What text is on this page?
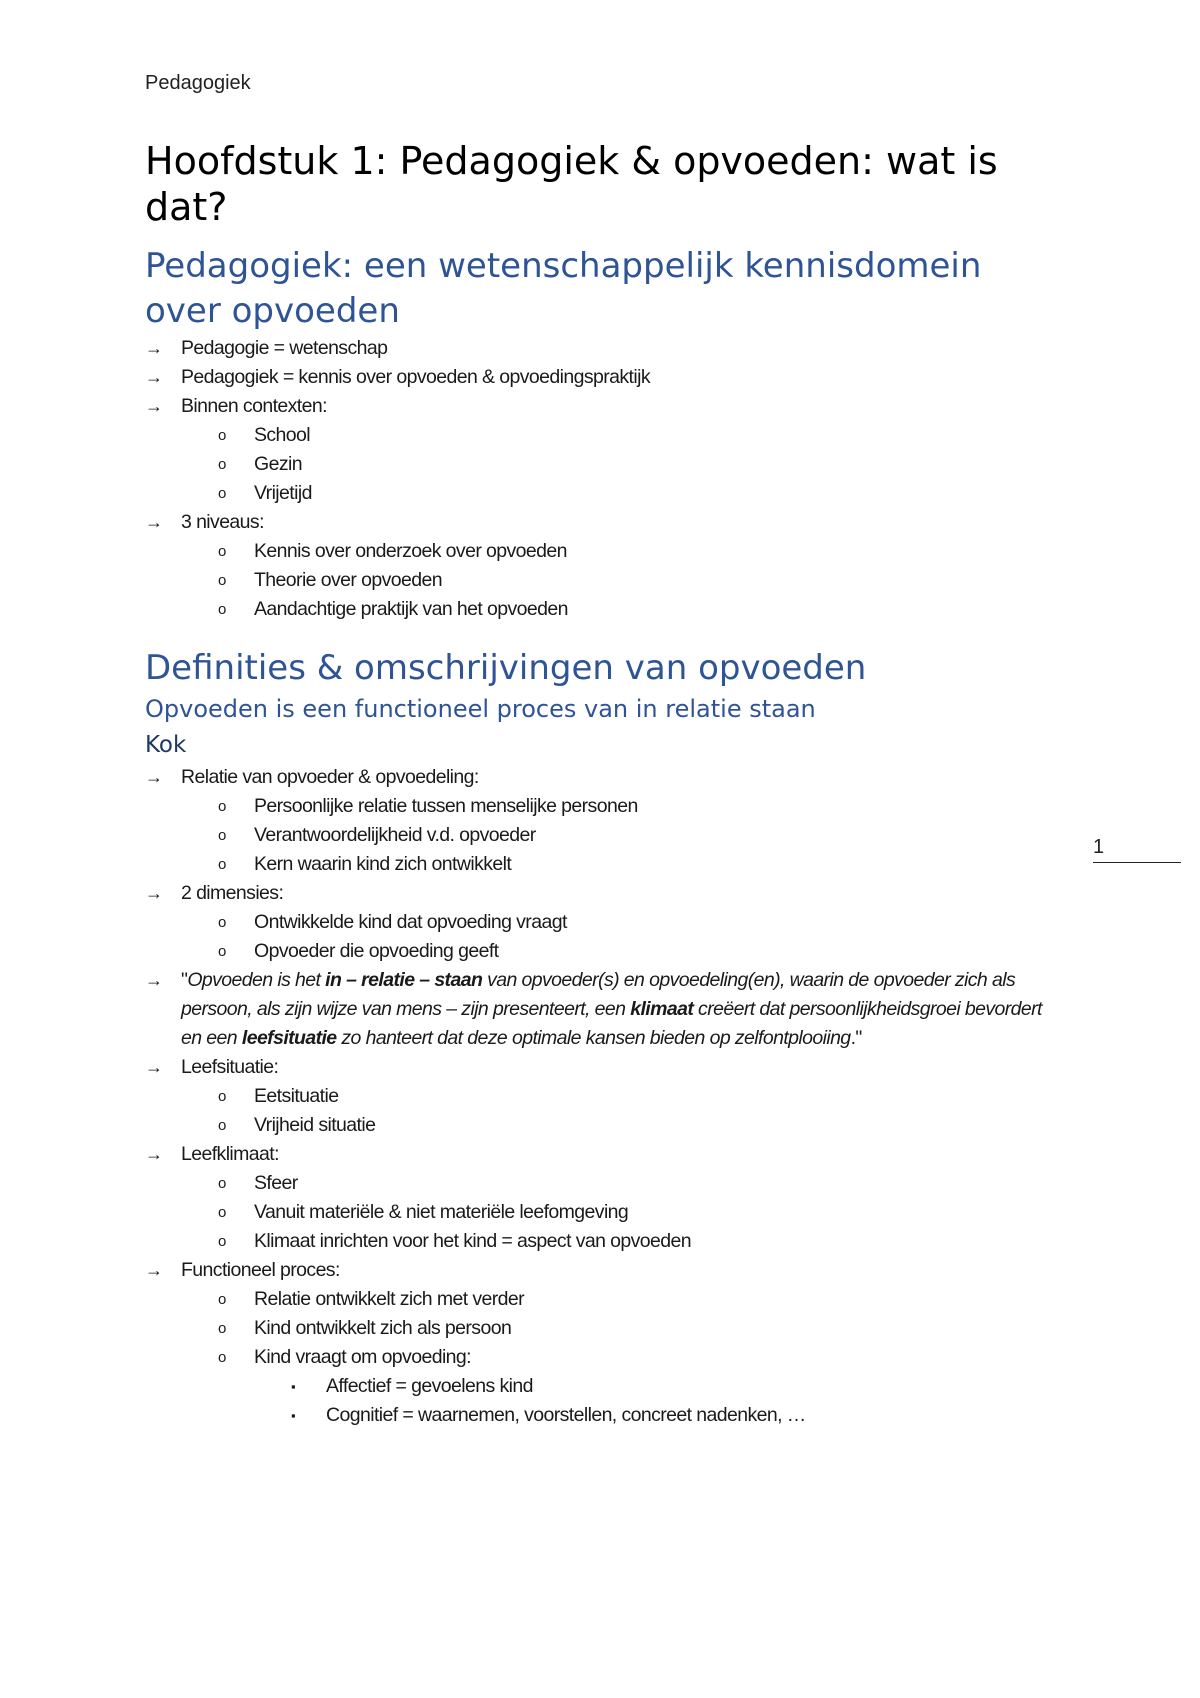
Pedagogiek
Hoofdstuk 1: Pedagogiek & opvoeden: wat is dat?
Pedagogiek: een wetenschappelijk kennisdomein over opvoeden
→ Pedagogie = wetenschap
→ Pedagogiek = kennis over opvoeden & opvoedingspraktijk
→ Binnen contexten:
o School
o Gezin
o Vrijetijd
→ 3 niveaus:
o Kennis over onderzoek over opvoeden
o Theorie over opvoeden
o Aandachtige praktijk van het opvoeden
Definities & omschrijvingen van opvoeden
Opvoeden is een functioneel proces van in relatie staan
Kok
→ Relatie van opvoeder & opvoedeling:
o Persoonlijke relatie tussen menselijke personen
o Verantwoordelijkheid v.d. opvoeder
o Kern waarin kind zich ontwikkelt
→ 2 dimensies:
o Ontwikkelde kind dat opvoeding vraagt
o Opvoeder die opvoeding geeft
→ "Opvoeden is het in – relatie – staan van opvoeder(s) en opvoedeling(en), waarin de opvoeder zich als persoon, als zijn wijze van mens – zijn presenteert, een klimaat creëert dat persoonlijkheidsgroei bevordert en een leefsituatie zo hanteert dat deze optimale kansen bieden op zelfontplooiing."
→ Leefsituatie:
o Eetsituatie
o Vrijheid situatie
→ Leefklimaat:
o Sfeer
o Vanuit materiële & niet materiële leefomgeving
o Klimaat inrichten voor het kind = aspect van opvoeden
→ Functioneel proces:
o Relatie ontwikkelt zich met verder
o Kind ontwikkelt zich als persoon
o Kind vraagt om opvoeding:
▪ Affectief = gevoelens kind
▪ Cognitief = waarnemen, voorstellen, concreet nadenken, …
1
